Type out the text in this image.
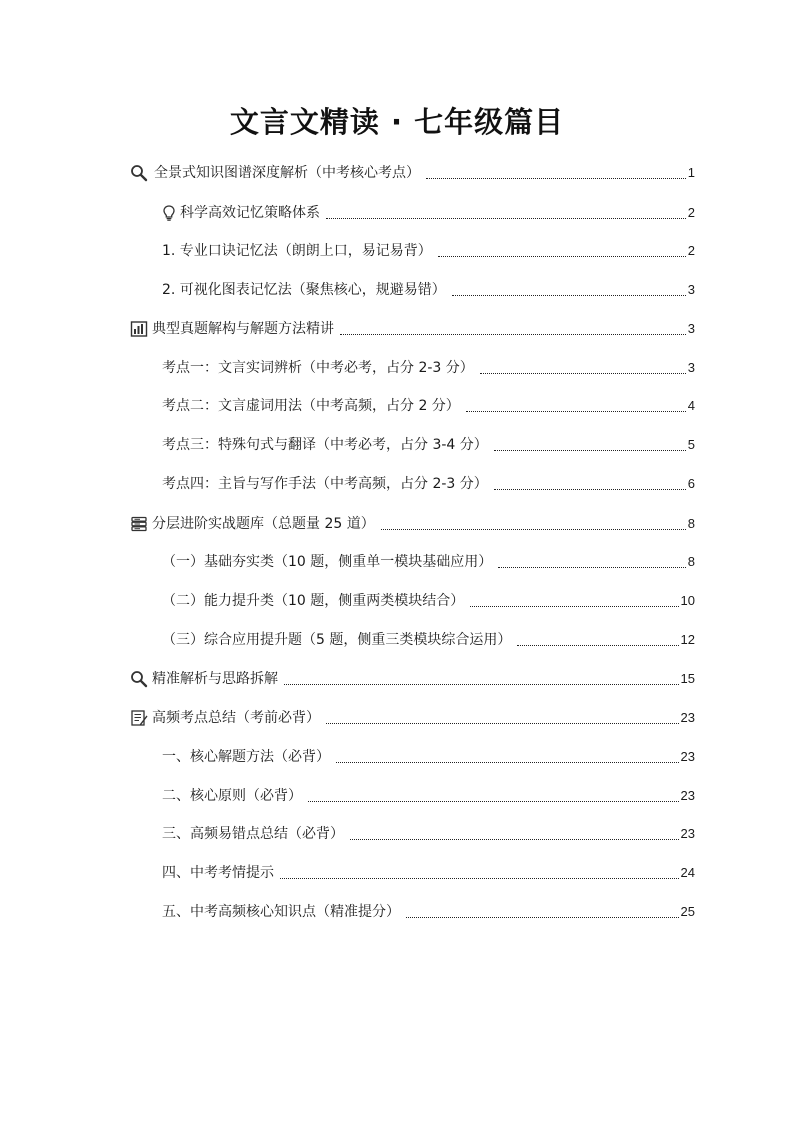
文言文精读 · 七年级篇目
全景式知识图谱深度解析（中考核心考点）	1
科学高效记忆策略体系	2
1. 专业口诀记忆法（朗朗上口，易记易背）	2
2. 可视化图表记忆法（聚焦核心，规避易错）	3
典型真题解构与解题方法精讲	3
考点一：文言实词辨析（中考必考，占分 2-3 分）	3
考点二：文言虚词用法（中考高频，占分 2 分）	4
考点三：特殊句式与翻译（中考必考，占分 3-4 分）	5
考点四：主旨与写作手法（中考高频，占分 2-3 分）	6
分层进阶实战题库（总题量 25 道）	8
（一）基础夯实类（10 题，侧重单一模块基础应用）	8
（二）能力提升类（10 题，侧重两类模块结合）	10
（三）综合应用提升题（5 题，侧重三类模块综合运用）	12
精准解析与思路拆解	15
高频考点总结（考前必背）	23
一、核心解题方法（必背）	23
二、核心原则（必背）	23
三、高频易错点总结（必背）	23
四、中考考情提示	24
五、中考高频核心知识点（精准提分）	25
